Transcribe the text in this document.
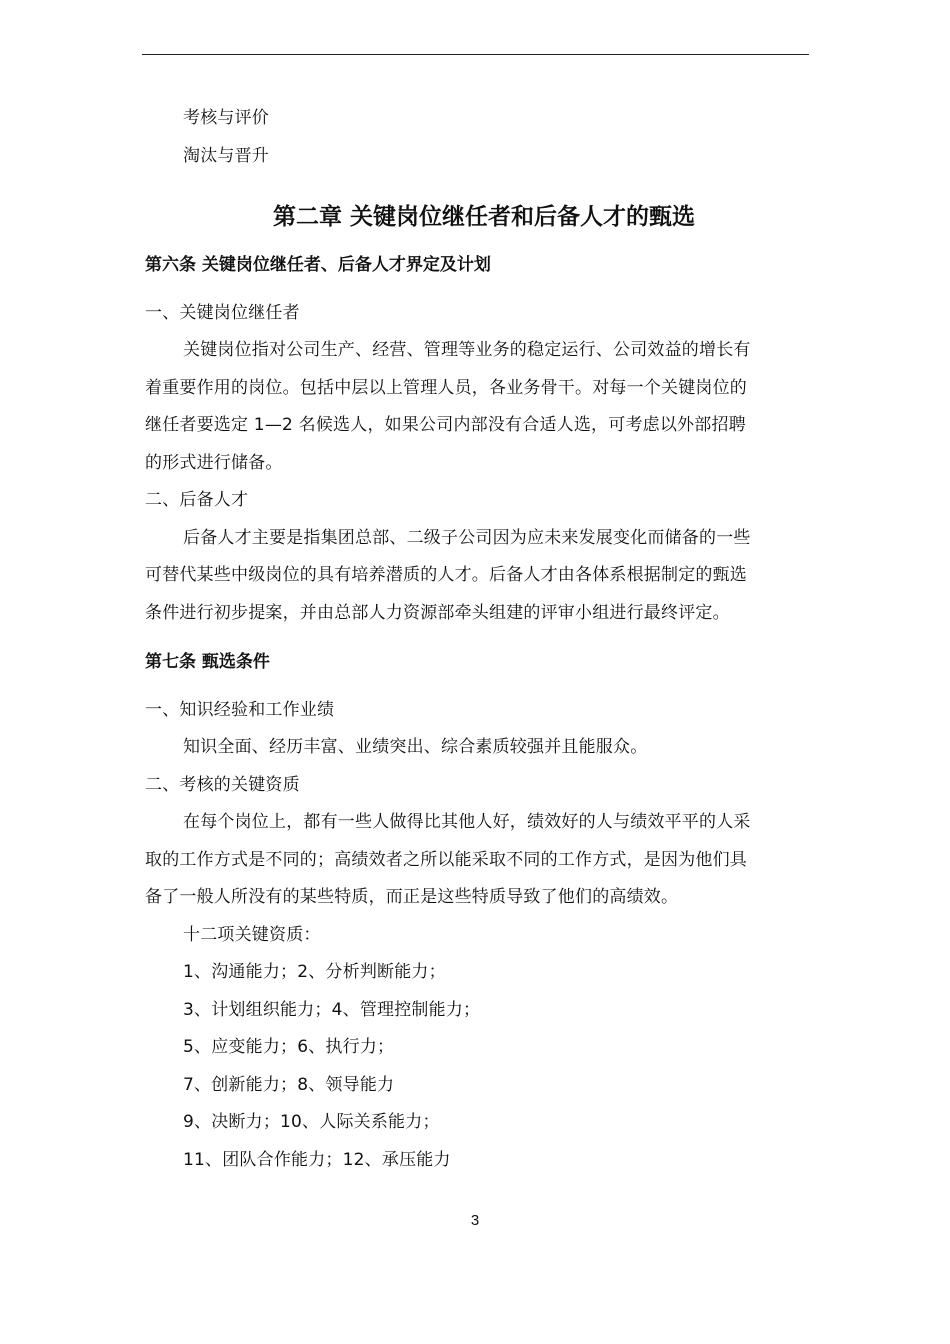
考核与评价
淘汰与晋升
第二章 关键岗位继任者和后备人才的甄选
第六条 关键岗位继任者、后备人才界定及计划
一、关键岗位继任者
关键岗位指对公司生产、经营、管理等业务的稳定运行、公司效益的增长有
着重要作用的岗位。包括中层以上管理人员，各业务骨干。对每一个关键岗位的
继任者要选定 1—2 名候选人，如果公司内部没有合适人选，可考虑以外部招聘
的形式进行储备。
二、后备人才
后备人才主要是指集团总部、二级子公司因为应未来发展变化而储备的一些
可替代某些中级岗位的具有培养潜质的人才。后备人才由各体系根据制定的甄选
条件进行初步提案，并由总部人力资源部牵头组建的评审小组进行最终评定。
第七条 甄选条件
一、知识经验和工作业绩
知识全面、经历丰富、业绩突出、综合素质较强并且能服众。
二、考核的关键资质
在每个岗位上，都有一些人做得比其他人好，绩效好的人与绩效平平的人采
取的工作方式是不同的；高绩效者之所以能采取不同的工作方式，是因为他们具
备了一般人所没有的某些特质，而正是这些特质导致了他们的高绩效。
十二项关键资质：
1、沟通能力；2、分析判断能力；
3、计划组织能力；4、管理控制能力；
5、应变能力；6、执行力；
7、创新能力；8、领导能力
9、决断力；10、人际关系能力；
11、团队合作能力；12、承压能力
3
